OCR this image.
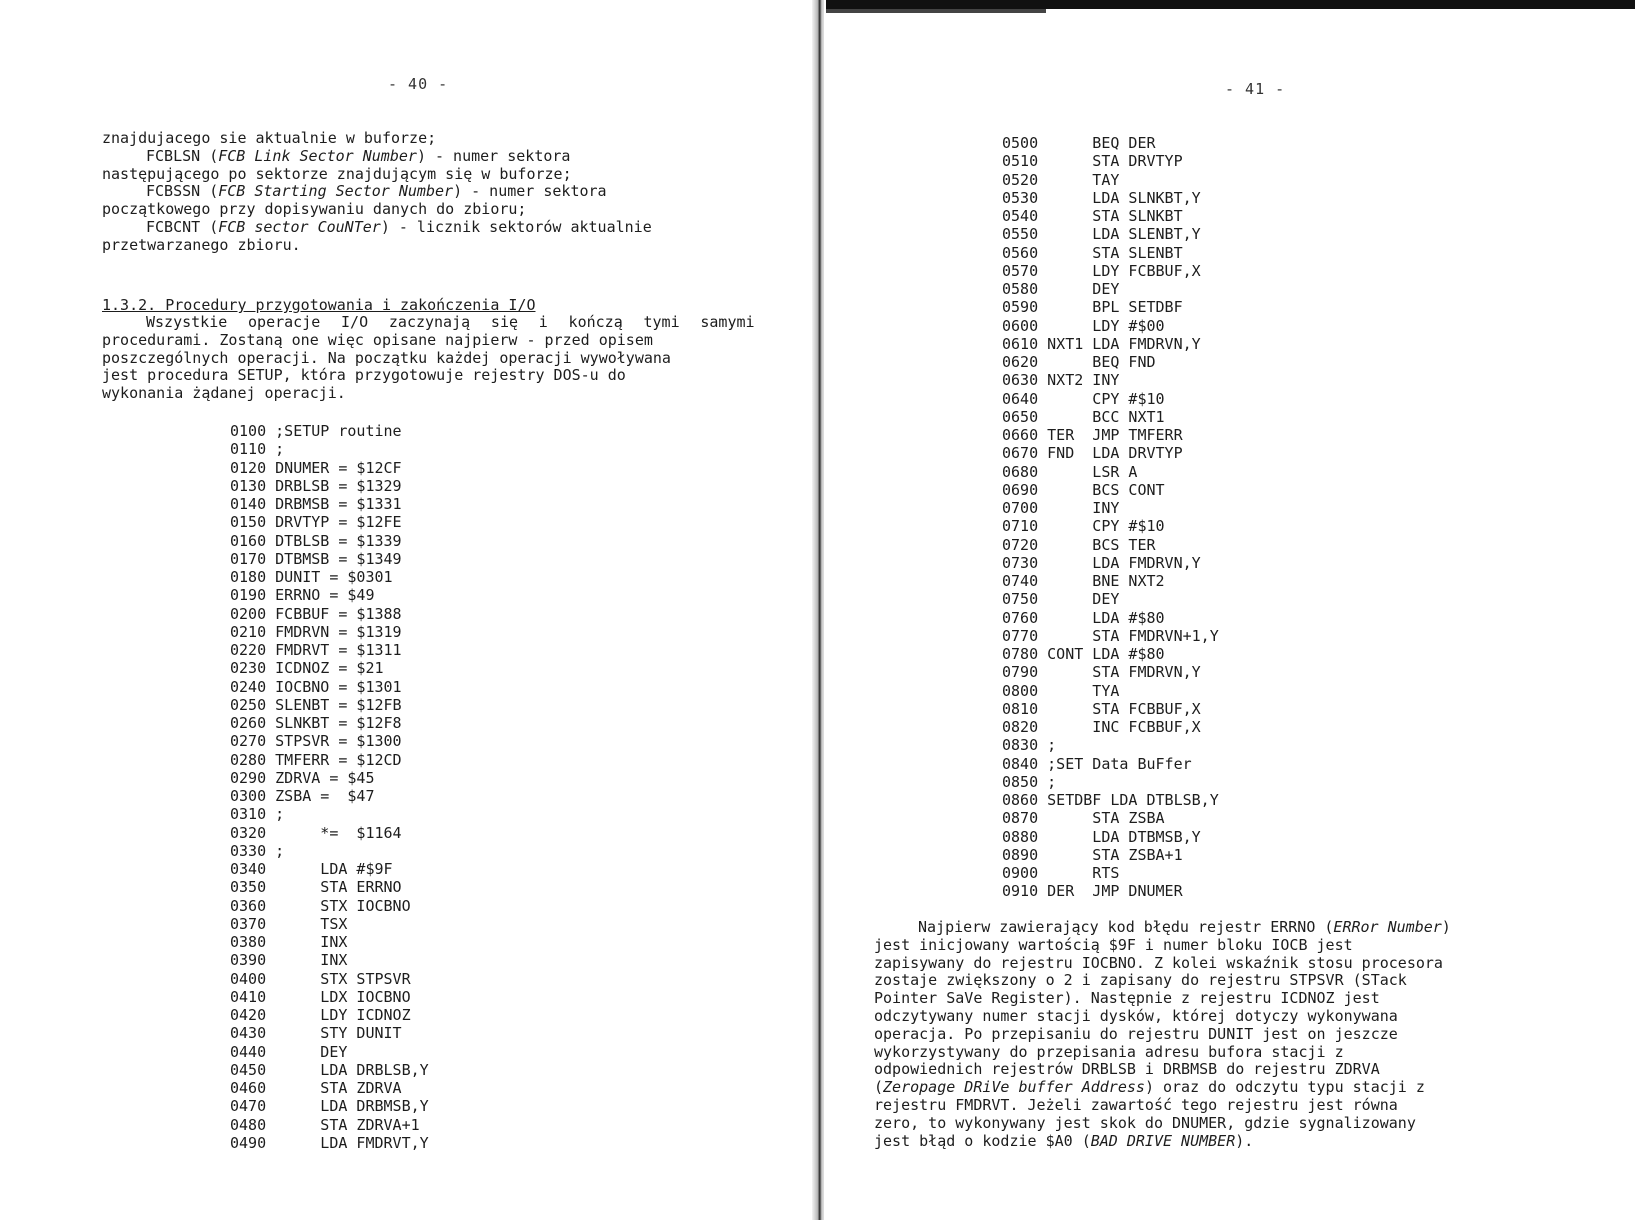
- 40 -
znajdujacego sie aktualnie w buforze;
FCBLSN (FCB Link Sector Number) - numer sektora
następującego po sektorze znajdującym się w buforze;
FCBSSN (FCB Starting Sector Number) - numer sektora
początkowego przy dopisywaniu danych do zbioru;
FCBCNT (FCB sector CouNTer) - licznik sektorów aktualnie
przetwarzanego zbioru.
1.3.2. Procedury przygotowania i zakończenia I/O
Wszystkie operacje I/O zaczynają się i kończą tymi samymi
procedurami. Zostaną one więc opisane najpierw - przed opisem
poszczególnych operacji. Na początku każdej operacji wywoływana
jest procedura SETUP, która przygotowuje rejestry DOS-u do
wykonania żądanej operacji.
0100 ;SETUP routine
0110 ;
0120 DNUMER = $12CF
0130 DRBLSB = $1329
0140 DRBMSB = $1331
0150 DRVTYP = $12FE
0160 DTBLSB = $1339
0170 DTBMSB = $1349
0180 DUNIT = $0301
0190 ERRNO = $49
0200 FCBBUF = $1388
0210 FMDRVN = $1319
0220 FMDRVT = $1311
0230 ICDNOZ = $21
0240 IOCBNO = $1301
0250 SLENBT = $12FB
0260 SLNKBT = $12F8
0270 STPSVR = $1300
0280 TMFERR = $12CD
0290 ZDRVA = $45
0300 ZSBA =  $47
0310 ;
0320      *=  $1164
0330 ;
0340      LDA #$9F
0350      STA ERRNO
0360      STX IOCBNO
0370      TSX
0380      INX
0390      INX
0400      STX STPSVR
0410      LDX IOCBNO
0420      LDY ICDNOZ
0430      STY DUNIT
0440      DEY
0450      LDA DRBLSB,Y
0460      STA ZDRVA
0470      LDA DRBMSB,Y
0480      STA ZDRVA+1
0490      LDA FMDRVT,Y
- 41 -
0500      BEQ DER
0510      STA DRVTYP
0520      TAY
0530      LDA SLNKBT,Y
0540      STA SLNKBT
0550      LDA SLENBT,Y
0560      STA SLENBT
0570      LDY FCBBUF,X
0580      DEY
0590      BPL SETDBF
0600      LDY #$00
0610 NXT1 LDA FMDRVN,Y
0620      BEQ FND
0630 NXT2 INY
0640      CPY #$10
0650      BCC NXT1
0660 TER  JMP TMFERR
0670 FND  LDA DRVTYP
0680      LSR A
0690      BCS CONT
0700      INY
0710      CPY #$10
0720      BCS TER
0730      LDA FMDRVN,Y
0740      BNE NXT2
0750      DEY
0760      LDA #$80
0770      STA FMDRVN+1,Y
0780 CONT LDA #$80
0790      STA FMDRVN,Y
0800      TYA
0810      STA FCBBUF,X
0820      INC FCBBUF,X
0830 ;
0840 ;SET Data BuFfer
0850 ;
0860 SETDBF LDA DTBLSB,Y
0870      STA ZSBA
0880      LDA DTBMSB,Y
0890      STA ZSBA+1
0900      RTS
0910 DER  JMP DNUMER
Najpierw zawierający kod błędu rejestr ERRNO (ERRor Number)
jest inicjowany wartością $9F i numer bloku IOCB jest
zapisywany do rejestru IOCBNO. Z kolei wskaźnik stosu procesora
zostaje zwiększony o 2 i zapisany do rejestru STPSVR (STack
Pointer SaVe Register). Następnie z rejestru ICDNOZ jest
odczytywany numer stacji dysków, której dotyczy wykonywana
operacja. Po przepisaniu do rejestru DUNIT jest on jeszcze
wykorzystywany do przepisania adresu bufora stacji z
odpowiednich rejestrów DRBLSB i DRBMSB do rejestru ZDRVA
(Zeropage DRiVe buffer Address) oraz do odczytu typu stacji z
rejestru FMDRVT. Jeżeli zawartość tego rejestru jest równa
zero, to wykonywany jest skok do DNUMER, gdzie sygnalizowany
jest błąd o kodzie $A0 (BAD DRIVE NUMBER).
